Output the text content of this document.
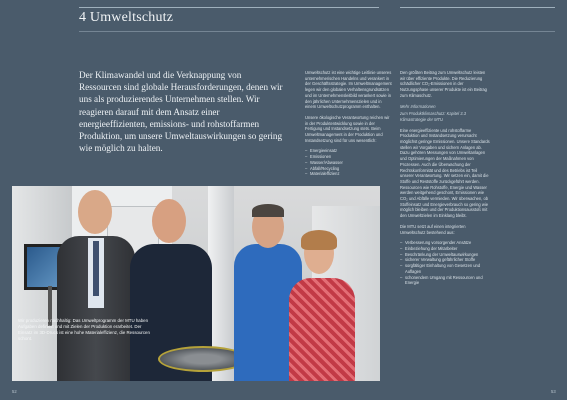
4 Umweltschutz
Der Klimawandel und die Verknappung von Ressourcen sind globale Herausforderungen, denen wir uns als produzierendes Unternehmen stellen. Wir reagieren darauf mit dem Ansatz einer energieeffizienten, emissions- und rohstoffarmen Produktion, um unsere Umweltauswirkungen so gering wie möglich zu halten.

Umweltschutz ist eine wichtige Leitlinie unseres unternehmerischen Handelns und verankert in der Geschäftsstrategie. Im Umweltmanagement legen wir den globalen Verhaltensgrundsätzen und im Unternehmensleitbild verankert sowie in den jährlichen Unternehmenszielen und in einem Umweltschutzprogramm enthalten.

Unsere ökologische Verantwortung reichen wir in der Produktentwicklung sowie in der Fertigung und Instandsetzung stets. Beim Umweltmanagement in der Produktion und Instandsetzung sind für uns wesentlich:

– Energieeinsatz
– Emissionen
– Wasser/Abwasser
– Abfall/Recycling
– Materialeffizienz

Den größten Beitrag zum Umweltschutz leisten wir über effiziente Produkte. Die Reduzierung schädlicher CO₂-Emissionen in der Nutzungsphase unserer Produkte ist ein Beitrag zum Klimaschutz.

Mehr Informationen

zum Produktklimaschutz: Kapitel 3.3 Klimastrategie der MTU

Eine energieeffiziente und rohstoffarme Produktion und Instandsetzung verursacht möglichst geringe Emissionen. Unsere Standards stellen wir Vorgaben und sichern Anlagen ab. Dazu gehören Messungen von Umweltanlagen und Optimierungen der Maßnahmen von Prozessen. Auch die Überwachung der Rechtskonformität und des Betriebs ist Teil unserer Verantwortung. Wir setzen ein, damit die Stoffe und Reststoffe zurückgeführt werden. Ressourcen wie Rohstoffe, Energie und Wasser werden weitgehend geschont, Emissionen wie CO₂ und Abfälle vermieden. Wir überwachen, ob Stoffeinsatz und Energieverbrauch so gering wie möglich bleiben und der Produktionsausstoß mit den Umweltzielen im Einklang bleibt.

Die MTU setzt auf einen integrierten Umweltschutz bestehend aus:

– Verbesserung vorsorgender Ansätze
– Einbeziehung der Mitarbeiter
– Beschränkung der Umweltauswirkungen
– sicherer Verwaltung gefährlicher Stoffe
– sorgfältiger Einhaltung von Gesetzen und Auflagen
– schonendem Umgang mit Ressourcen und Energie
Wir produzieren nachhaltig: Das Umweltprogramm der MTU haben Aufgaben definiert und mit Zielen der Produktion erarbeitet. Der Einsatz im 3D-Druck ist eine hohe Materialeffizienz, die Ressourcen schont.
52	53
